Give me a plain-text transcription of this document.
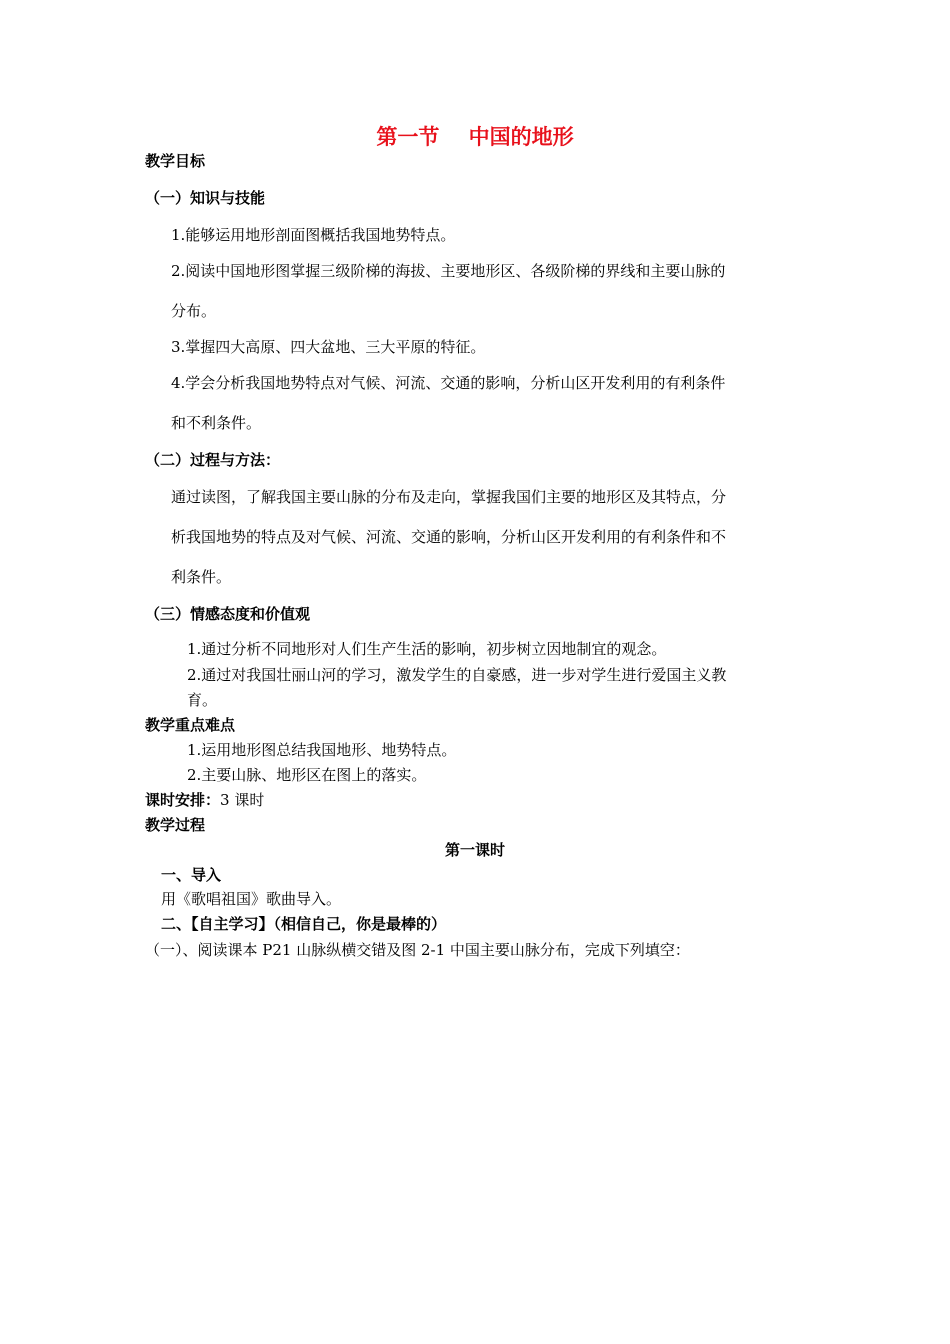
第一节    中国的地形
教学目标
（一）知识与技能
1.能够运用地形剖面图概括我国地势特点。
2.阅读中国地形图掌握三级阶梯的海拔、主要地形区、各级阶梯的界线和主要山脉的
分布。
3.掌握四大高原、四大盆地、三大平原的特征。
4.学会分析我国地势特点对气候、河流、交通的影响，分析山区开发利用的有利条件
和不利条件。
（二）过程与方法：
通过读图，了解我国主要山脉的分布及走向，掌握我国们主要的地形区及其特点，分
析我国地势的特点及对气候、河流、交通的影响，分析山区开发利用的有利条件和不
利条件。
（三）情感态度和价值观
1.通过分析不同地形对人们生产生活的影响，初步树立因地制宜的观念。
2.通过对我国壮丽山河的学习，激发学生的自豪感，进一步对学生进行爱国主义教
育。
教学重点难点
1.运用地形图总结我国地形、地势特点。
2.主要山脉、地形区在图上的落实。
课时安排：3 课时
教学过程
第一课时
一、导入
用《歌唱祖国》歌曲导入。
二、【自主学习】（相信自己，你是最棒的）
（一）、阅读课本 P21 山脉纵横交错及图 2-1 中国主要山脉分布，完成下列填空：
